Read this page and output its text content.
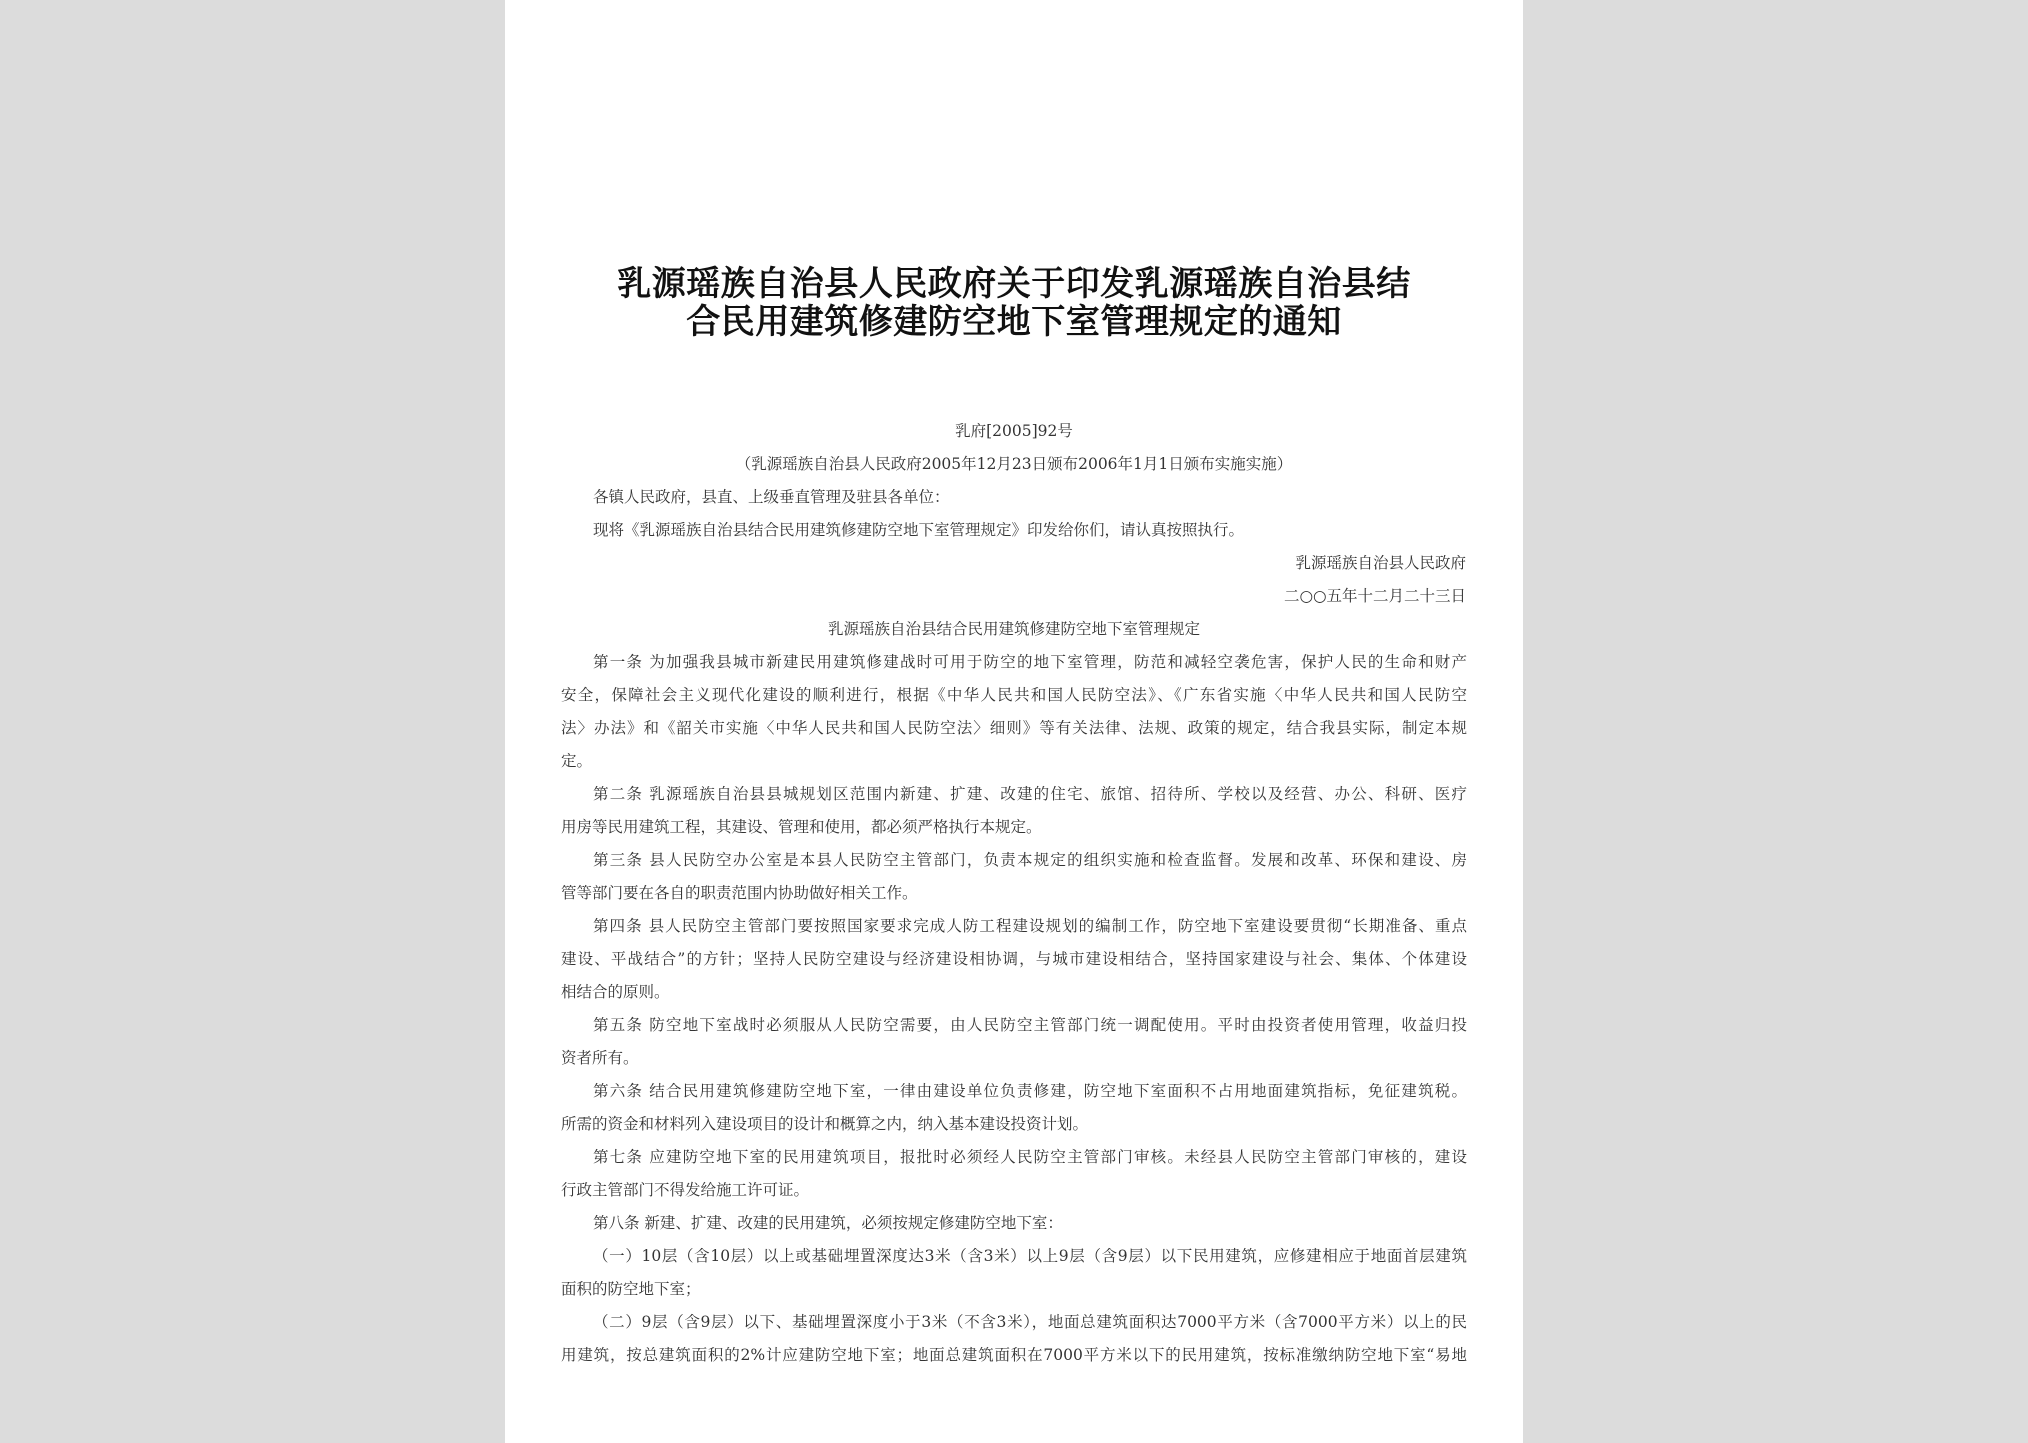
乳源瑶族自治县人民政府关于印发乳源瑶族自治县结
合民用建筑修建防空地下室管理规定的通知
乳府[2005]92号
（乳源瑶族自治县人民政府2005年12月23日颁布2006年1月1日颁布实施实施）
各镇人民政府，县直、上级垂直管理及驻县各单位：
现将《乳源瑶族自治县结合民用建筑修建防空地下室管理规定》印发给你们，请认真按照执行。
乳源瑶族自治县人民政府
二○○五年十二月二十三日
乳源瑶族自治县结合民用建筑修建防空地下室管理规定
第一条 为加强我县城市新建民用建筑修建战时可用于防空的地下室管理，防范和减轻空袭危害，保护人民的生命和财产
安全，保障社会主义现代化建设的顺利进行，根据《中华人民共和国人民防空法》、《广东省实施〈中华人民共和国人民防空
法〉办法》和《韶关市实施〈中华人民共和国人民防空法〉细则》等有关法律、法规、政策的规定，结合我县实际，制定本规
定。
第二条 乳源瑶族自治县县城规划区范围内新建、扩建、改建的住宅、旅馆、招待所、学校以及经营、办公、科研、医疗
用房等民用建筑工程，其建设、管理和使用，都必须严格执行本规定。
第三条 县人民防空办公室是本县人民防空主管部门，负责本规定的组织实施和检查监督。发展和改革、环保和建设、房
管等部门要在各自的职责范围内协助做好相关工作。
第四条 县人民防空主管部门要按照国家要求完成人防工程建设规划的编制工作，防空地下室建设要贯彻“长期准备、重点
建设、平战结合”的方针；坚持人民防空建设与经济建设相协调，与城市建设相结合，坚持国家建设与社会、集体、个体建设
相结合的原则。
第五条 防空地下室战时必须服从人民防空需要，由人民防空主管部门统一调配使用。平时由投资者使用管理，收益归投
资者所有。
第六条 结合民用建筑修建防空地下室，一律由建设单位负责修建，防空地下室面积不占用地面建筑指标，免征建筑税。
所需的资金和材料列入建设项目的设计和概算之内，纳入基本建设投资计划。
第七条 应建防空地下室的民用建筑项目，报批时必须经人民防空主管部门审核。未经县人民防空主管部门审核的，建设
行政主管部门不得发给施工许可证。
第八条 新建、扩建、改建的民用建筑，必须按规定修建防空地下室：
（一）10层（含10层）以上或基础埋置深度达3米（含3米）以上9层（含9层）以下民用建筑，应修建相应于地面首层建筑
面积的防空地下室；
（二）9层（含9层）以下、基础埋置深度小于3米（不含3米），地面总建筑面积达7000平方米（含7000平方米）以上的民
用建筑，按总建筑面积的2%计应建防空地下室；地面总建筑面积在7000平方米以下的民用建筑，按标准缴纳防空地下室“易地
